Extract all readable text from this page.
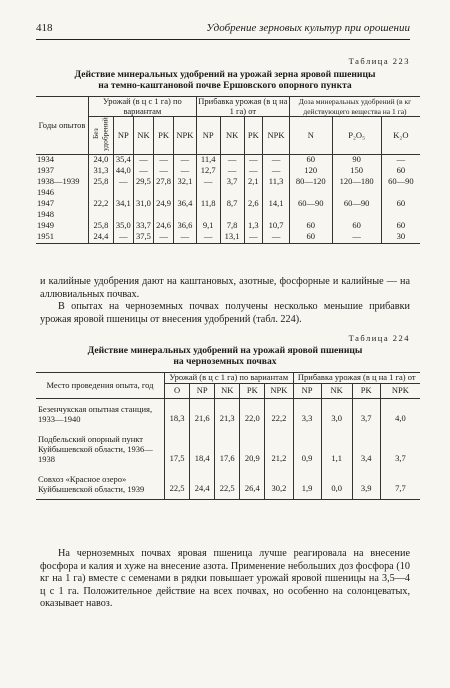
418	Удобрение зерновых культур при орошении
Таблица 223
Действие минеральных удобрений на урожай зерна яровой пшеницы
на темно-каштановой почве Ершовского опорного пункта
Годы опытов	Урожай (в ц с 1 га) по вариантам					Прибавка урожая (в ц на 1 га) от				Доза минеральных удобрений (в кг действующего вещества на 1 га)		
	Без удобрений	NP	NK	PK	NPK	NP	NK	PK	NPK	N	P₂O₅	K₂O
1934	24,0	35,4	—	—	—	11,4	—	—	—	60	90	—
1937	31,3	44,0	—	—	—	12,7	—	—	—	120	150	60
1938—1939	25,8	—	29,5	27,8	32,1	—	3,7	2,1	11,3	80—120	120—180	60—90
1946												
1947	22,2	34,1	31,0	24,9	36,4	11,8	8,7	2,6	14,1	60—90	60—90	60
1948												
1949	25,8	35,0	33,7	24,6	36,6	9,1	7,8	1,3	10,7	60	60	60
1951	24,4	—	37,5	—	—	—	13,1	—	—	60	—	30

и калийные удобрения дают на каштановых, азотные, фосфорные и калийные — на аллювиальных почвах.

В опытах на черноземных почвах получены несколько меньшие прибавки урожая яровой пшеницы от внесения удобрений (табл. 224).

Таблица 224
Действие минеральных удобрений на урожай яровой пшеницы
на черноземных почвах
Место проведения опыта, год	Урожай (в ц с 1 га) по вариантам					Прибавка урожая (в ц на 1 га) от			
	О	NP	NK	PK	NPK	NP	NK	PK	NPK
Безенчукская опытная станция, 1933—1940	18,3	21,6	21,3	22,0	22,2	3,3	3,0	3,7	4,0
Подбельский опорный пункт Куйбышевской области, 1936—1938	17,5	18,4	17,6	20,9	21,2	0,9	1,1	3,4	3,7
Совхоз «Красное озеро» Куйбышевской области, 1939	22,5	24,4	22,5	26,4	30,2	1,9	0,0	3,9	7,7

На черноземных почвах яровая пшеница лучше реагировала на внесение фосфора и калия и хуже на внесение азота. Применение небольших доз фосфора (10 кг на 1 га) вместе с семенами в рядки повышает урожай яровой пшеницы на 3,5—4 ц с 1 га. Положительное действие на всех почвах, но особенно на солонцеватых, оказывает навоз.
